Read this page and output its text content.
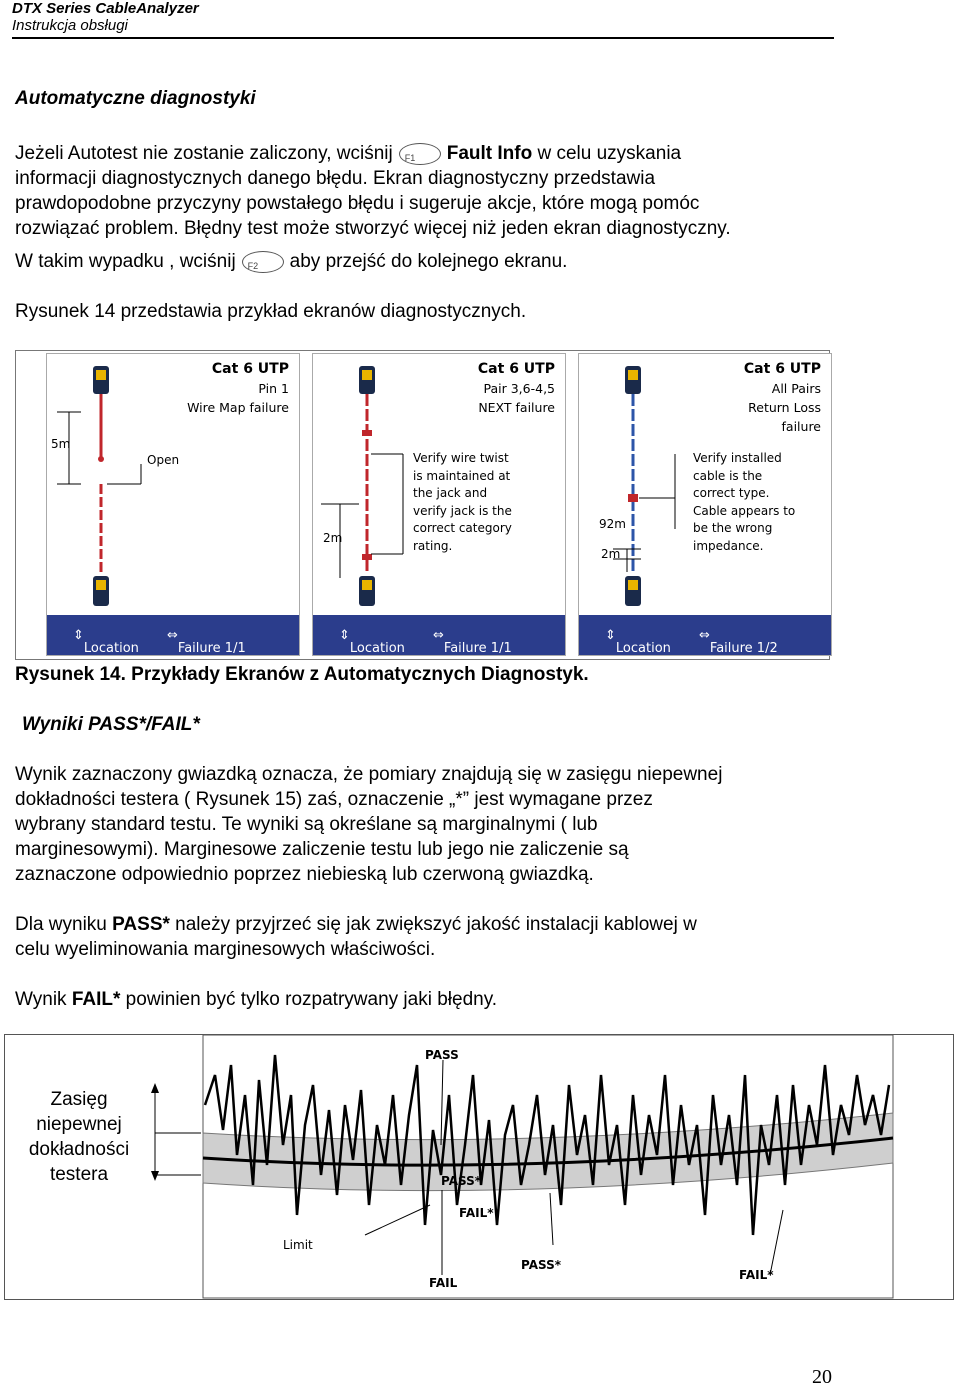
DTX Series CableAnalyzer
Instrukcja obsługi
Automatyczne diagnostyki
Jeżeli Autotest nie zostanie zaliczony, wciśnij F1 Fault Info w celu uzyskania
informacji diagnostycznych danego błędu. Ekran diagnostyczny przedstawia
prawdopodobne przyczyny powstałego błędu i sugeruje akcje, które mogą pomóc
rozwiązać problem. Błędny test może stworzyć więcej niż jeden ekran diagnostyczny.
W takim wypadku , wciśnij F2 aby przejść do kolejnego ekranu.
Rysunek 14 przedstawia przykład ekranów diagnostycznych.
Cat 6 UTP
Pin 1
Wire Map failure
5m
Open
⇕
Location
⇔
Failure 1/1
Cat 6 UTP
Pair 3,6-4,5
NEXT failure
2m
Verify wire twist
is maintained at
the jack and
verify jack is the
correct category
rating.
⇕
Location
⇔
Failure 1/1
Cat 6 UTP
All Pairs
Return Loss
failure
92m
2m
Verify installed
cable is the
correct type.
Cable appears to
be the wrong
impedance.
⇕
Location
⇔
Failure 1/2
Rysunek 14. Przykłady Ekranów z Automatycznych Diagnostyk.
Wyniki PASS*/FAIL*
Wynik zaznaczony gwiazdką oznacza, że pomiary znajdują się w zasięgu niepewnej
dokładności testera ( Rysunek 15) zaś, oznaczenie „*” jest wymagane przez
wybrany standard testu. Te wyniki są określane są marginalnymi ( lub
marginesowymi). Marginesowe zaliczenie testu lub jego nie zaliczenie są
zaznaczone odpowiednio poprzez niebieską lub czerwoną gwiazdką.
Dla wyniku PASS* należy przyjrzeć się jak zwiększyć jakość instalacji kablowej w
celu wyeliminowania marginesowych właściwości.
Wynik FAIL* powinien być tylko rozpatrywany jaki błędny.
Zasięg
niepewnej
dokładności
testera
PASS
PASS*
FAIL*
Limit
FAIL
PASS*
FAIL*
20
